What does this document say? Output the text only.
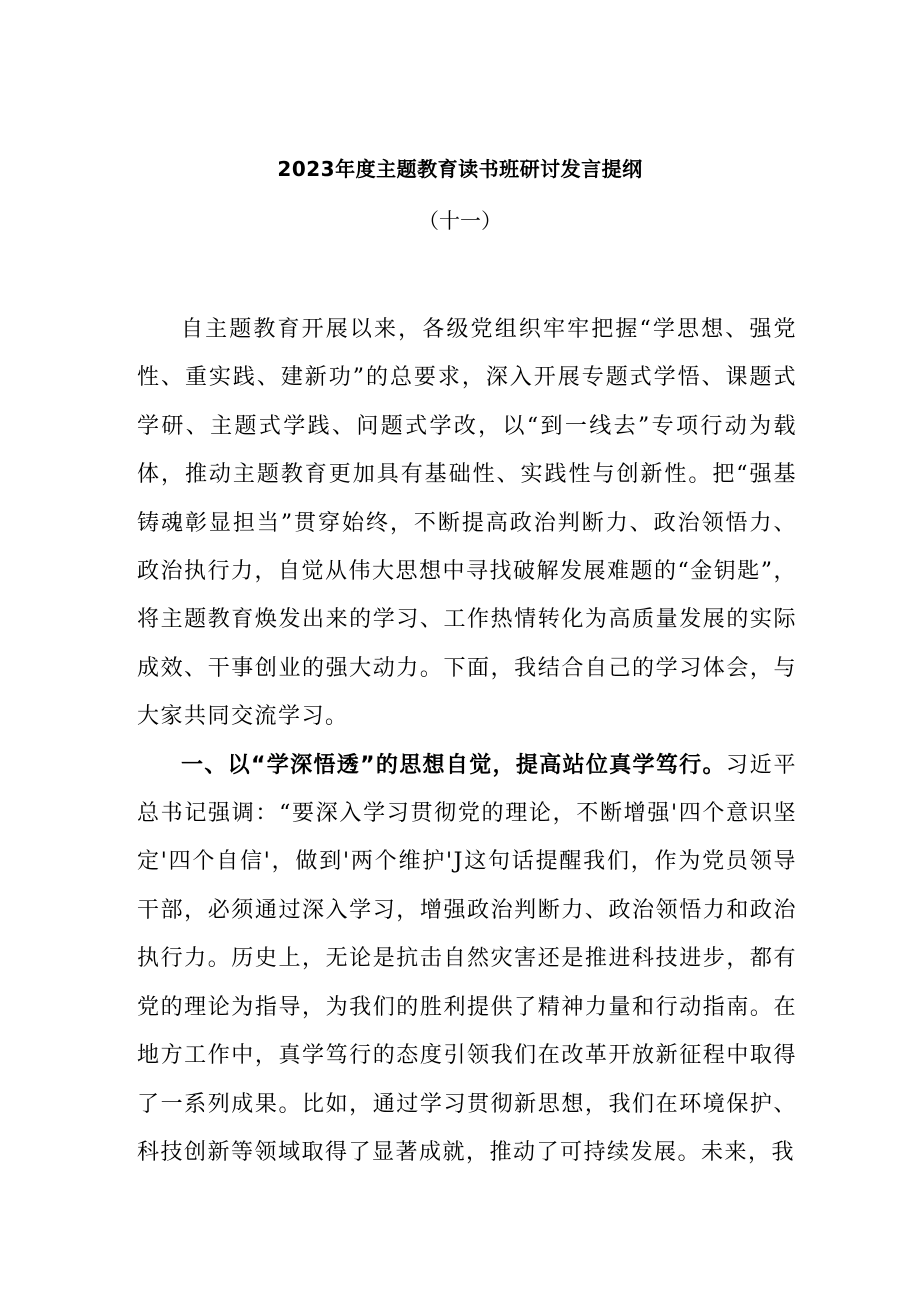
2023年度主题教育读书班研讨发言提纲
（十一）

自主题教育开展以来，各级党组织牢牢把握“学思想、强党性、重实践、建新功”的总要求，深入开展专题式学悟、课题式学研、主题式学践、问题式学改，以“到一线去”专项行动为载体，推动主题教育更加具有基础性、实践性与创新性。把“强基铸魂彰显担当”贯穿始终，不断提高政治判断力、政治领悟力、政治执行力，自觉从伟大思想中寻找破解发展难题的“金钥匙”，将主题教育焕发出来的学习、工作热情转化为高质量发展的实际成效、干事创业的强大动力。下面，我结合自己的学习体会，与大家共同交流学习。

一、以“学深悟透”的思想自觉，提高站位真学笃行。习近平总书记强调：“要深入学习贯彻党的理论，不断增强'四个意识坚定'四个自信'，做到'两个维护'J这句话提醒我们，作为党员领导干部，必须通过深入学习，增强政治判断力、政治领悟力和政治执行力。历史上，无论是抗击自然灾害还是推进科技进步，都有党的理论为指导，为我们的胜利提供了精神力量和行动指南。在地方工作中，真学笃行的态度引领我们在改革开放新征程中取得了一系列成果。比如，通过学习贯彻新思想，我们在环境保护、科技创新等领域取得了显著成就，推动了可持续发展。未来，我
